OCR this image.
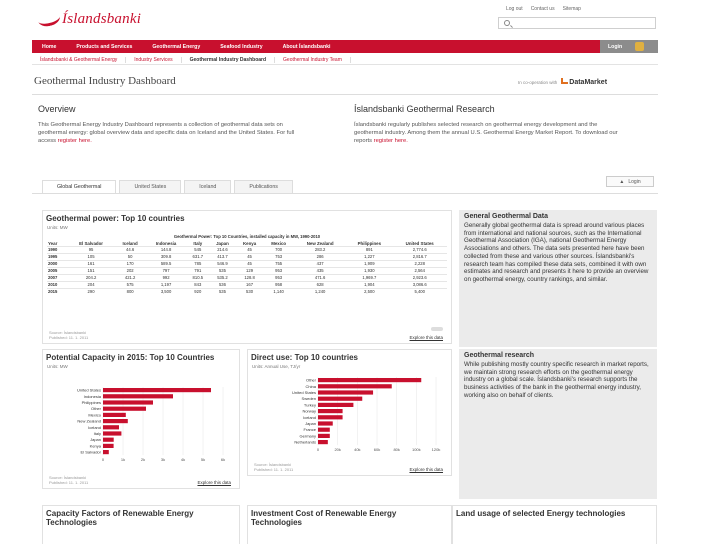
Íslandsbanki
Log out Contact us Sitemap
Home	Products and Services	Geothermal Energy	Seafood Industry	About Íslandsbanki	Login
Íslandsbanki & Geothermal Energy	Industry Services	Geothermal Industry Dashboard	Geothermal Industry Team
Geothermal Industry Dashboard	In co-operation with	DataMarket
Overview
This Geothermal Energy Industry Dashboard represents a collection of geothermal data sets on geothermal energy: global overview data and specific data on Iceland and the United States. For full access register here.
Íslandsbanki Geothermal Research
Íslandsbanki regularly publishes selected research on geothermal energy development and the geothermal industry. Among them the annual U.S. Geothermal Energy Market Report. To download our reports register here.
Global Geothermal	United States	Iceland	Publications
▲ Login
Geothermal power: Top 10 countries
Units: MW
Geothermal Power: Top 10 Countries, installed capacity in MW, 1990-2010
Year	El Salvador	Iceland	Indonesia	Italy	Japan	Kenya	Mexico	New Zealand	Philippines	United States
1990	95	44.6	144.8	545	214.6	45	700	283.2	891	2,774.6
1995	105	50	309.8	631.7	413.7	45	753	286	1,227	2,816.7
2000	161	170	589.5	785	546.9	45	755	437	1,909	2,228
2005	151	202	797	791	535	129	953	435	1,930	2,564
2007	204.2	421.2	992	810.5	535.2	128.8	953	471.6	1,969.7	2,923.6
2010	204	575	1,197	843	536	167	958	628	1,904	3,086.6
2015	290	800	3,500	920	535	530	1,140	1,240	2,500	5,400
Source: Íslandsbanki
Published: 11. 1. 2011	Explore this data
Potential Capacity in 2015: Top 10 Countries
Units: MW
0	1k	2k	3k	4k	5k	6k
United States
Indonesia
Philippines
Other
Mexico
New Zealand
Iceland
Italy
Japan
Kenya
El Salvador
Source: Íslandsbanki
Published: 11. 1. 2011	Explore this data
Direct use: Top 10 countries
Units: Annual Use, TJ/yr
0	20k	40k	60k	80k	100k	120k
Other
China
United States
Sweden
Turkey
Norway
Iceland
Japan
France
Germany
Netherlands
Source: Íslandsbanki
Published: 11. 1. 2011	Explore this data
General Geothermal Data
Generally global geothermal data is spread around various places from international and national sources, such as the International Geothermal Association (IGA), national Geothermal Energy Associations and others. The data sets presented here have been collected from these and various other sources. Íslandsbanki's research team has compiled these data sets, combined it with own estimates and research and presents it here to provide an overview on geothermal energy, country rankings, and similar.
Geothermal research
While publishing mostly country specific research in market reports, we maintain strong research efforts on the geothermal energy industry on a global scale. Íslandsbanki's research supports the business activities of the bank in the geothermal energy industry, working also on behalf of clients.
Capacity Factors of Renewable Energy Technologies
Investment Cost of Renewable Energy Technologies
Land usage of selected Energy technologies
